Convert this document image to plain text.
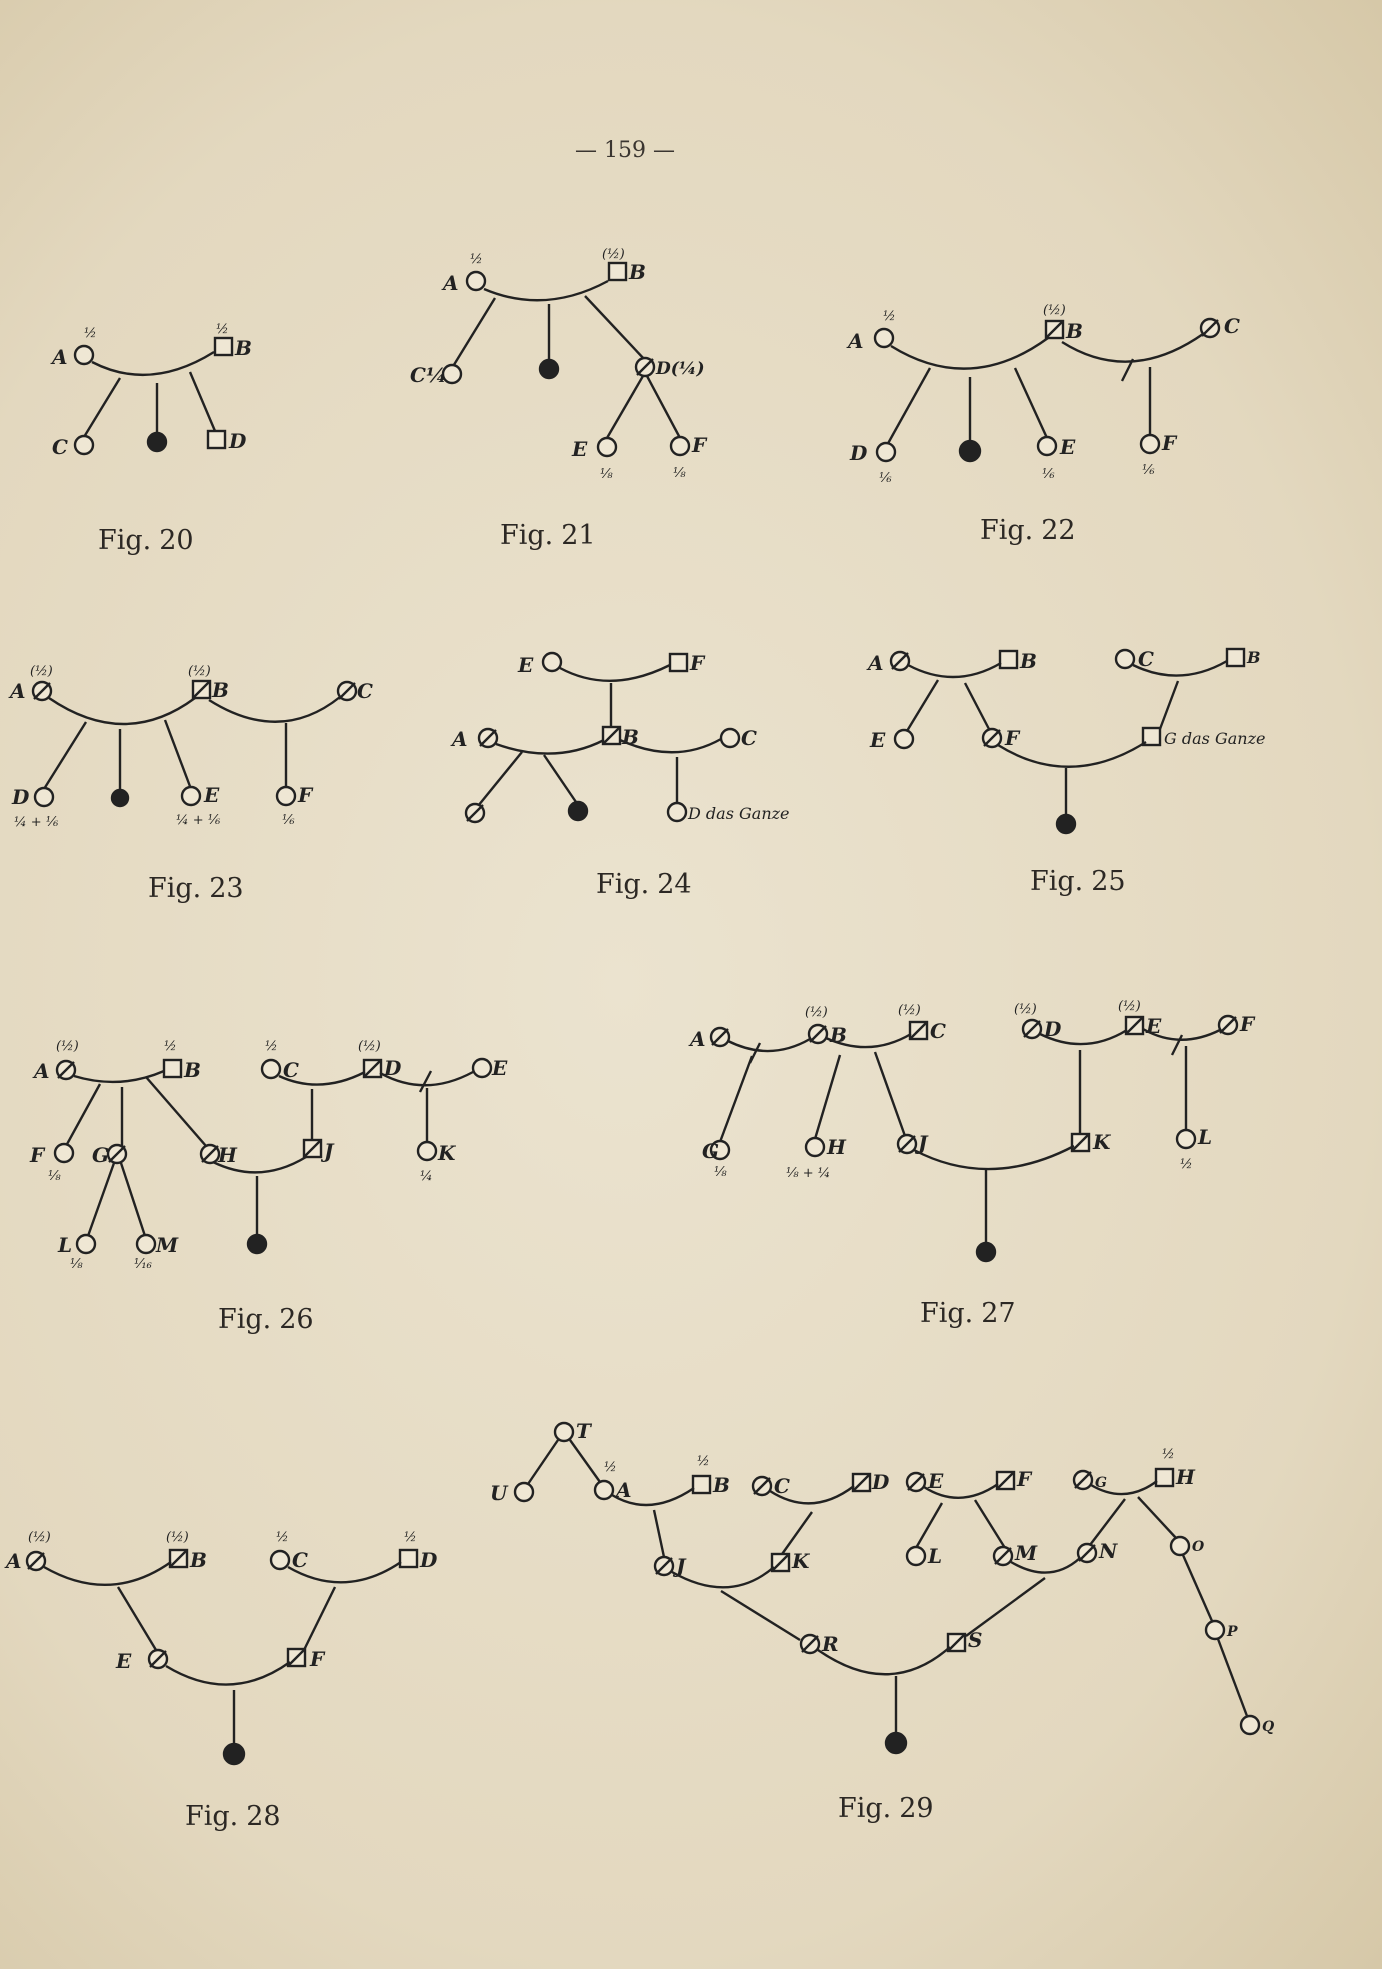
— 159 —
A	B
C	D
½	½
A	B
C¼	D(¼)
E	F
½	(½)
⅛	⅛
A	B	C
D	E	F
½	(½)
⅙	⅙	⅙
A	B	C
D	E	F
(½)	(½)
¼ + ⅙	¼ + ⅙	⅙
E	F
A	B	C
D das Ganze
A	B	C	B
E	F	G das Ganze
A	B	C	D	E
F G	H	J	K
L	M
(½)	½	½	(½)
⅛	¼
⅛	⅟₁₆
A	B	C	D	E	F
G	H	J	K	L
(½)	(½)	(½)	(½)
⅛	⅛ + ¼
½
A	B	C	D
E	F
(½)	(½)	½	½
T
U	A	B C	D E	F	G	H
J	K	L	M	N	O
P
Q
R	S
½	½	½
Fig. 20	Fig. 21	Fig. 22
Fig. 23	Fig. 24	Fig. 25
Fig. 26	Fig. 27
Fig. 28	Fig. 29
